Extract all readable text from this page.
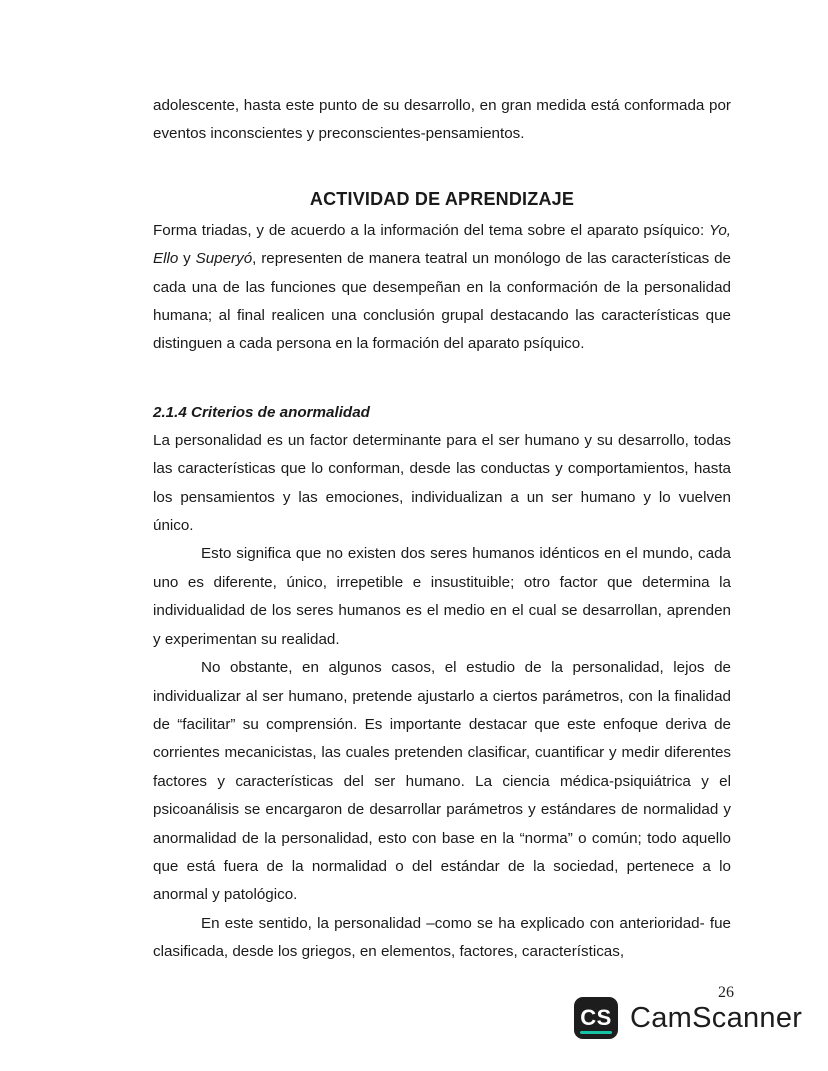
adolescente, hasta este punto de su desarrollo, en gran medida está conformada por eventos inconscientes y preconscientes-pensamientos.

ACTIVIDAD DE APRENDIZAJE

Forma triadas, y de acuerdo a la información del tema sobre el aparato psíquico: Yo, Ello y Superyó, representen de manera teatral un monólogo de las características de cada una de las funciones que desempeñan en la conformación de la personalidad humana; al final realicen una conclusión grupal destacando las características que distinguen a cada persona en la formación del aparato psíquico.

2.1.4 Criterios de anormalidad

La personalidad es un factor determinante para el ser humano y su desarrollo, todas las características que lo conforman, desde las conductas y comportamientos, hasta los pensamientos y las emociones, individualizan a un ser humano y lo vuelven único.

Esto significa que no existen dos seres humanos idénticos en el mundo, cada uno es diferente, único, irrepetible e insustituible; otro factor que determina la individualidad de los seres humanos es el medio en el cual se desarrollan, aprenden y experimentan su realidad.

No obstante, en algunos casos, el estudio de la personalidad, lejos de individualizar al ser humano, pretende ajustarlo a ciertos parámetros, con la finalidad de “facilitar” su comprensión. Es importante destacar que este enfoque deriva de corrientes mecanicistas, las cuales pretenden clasificar, cuantificar y medir diferentes factores y características del ser humano. La ciencia médica-psiquiátrica y el psicoanálisis se encargaron de desarrollar parámetros y estándares de normalidad y anormalidad de la personalidad, esto con base en la “norma” o común; todo aquello que está fuera de la normalidad o del estándar de la sociedad, pertenece a lo anormal y patológico.

En este sentido, la personalidad –como se ha explicado con anterioridad- fue clasificada, desde los griegos, en elementos, factores, características,

26
CS CamScanner
